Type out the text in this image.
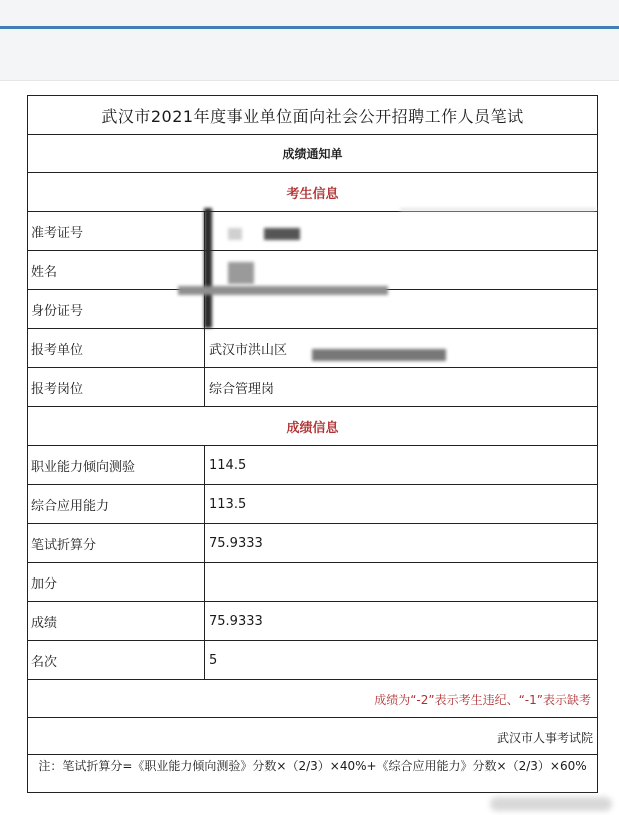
武汉市2021年度事业单位面向社会公开招聘工作人员笔试
成绩通知单
考生信息
准考证号
姓名
身份证号
报考单位	武汉市洪山区
报考岗位	综合管理岗
成绩信息
职业能力倾向测验	114.5
综合应用能力	113.5
笔试折算分	75.9333
加分
成绩	75.9333
名次	5
成绩为“-2”表示考生违纪、“-1”表示缺考
武汉市人事考试院
注：笔试折算分=《职业能力倾向测验》分数×（2/3）×40%+《综合应用能力》分数×（2/3）×60%
